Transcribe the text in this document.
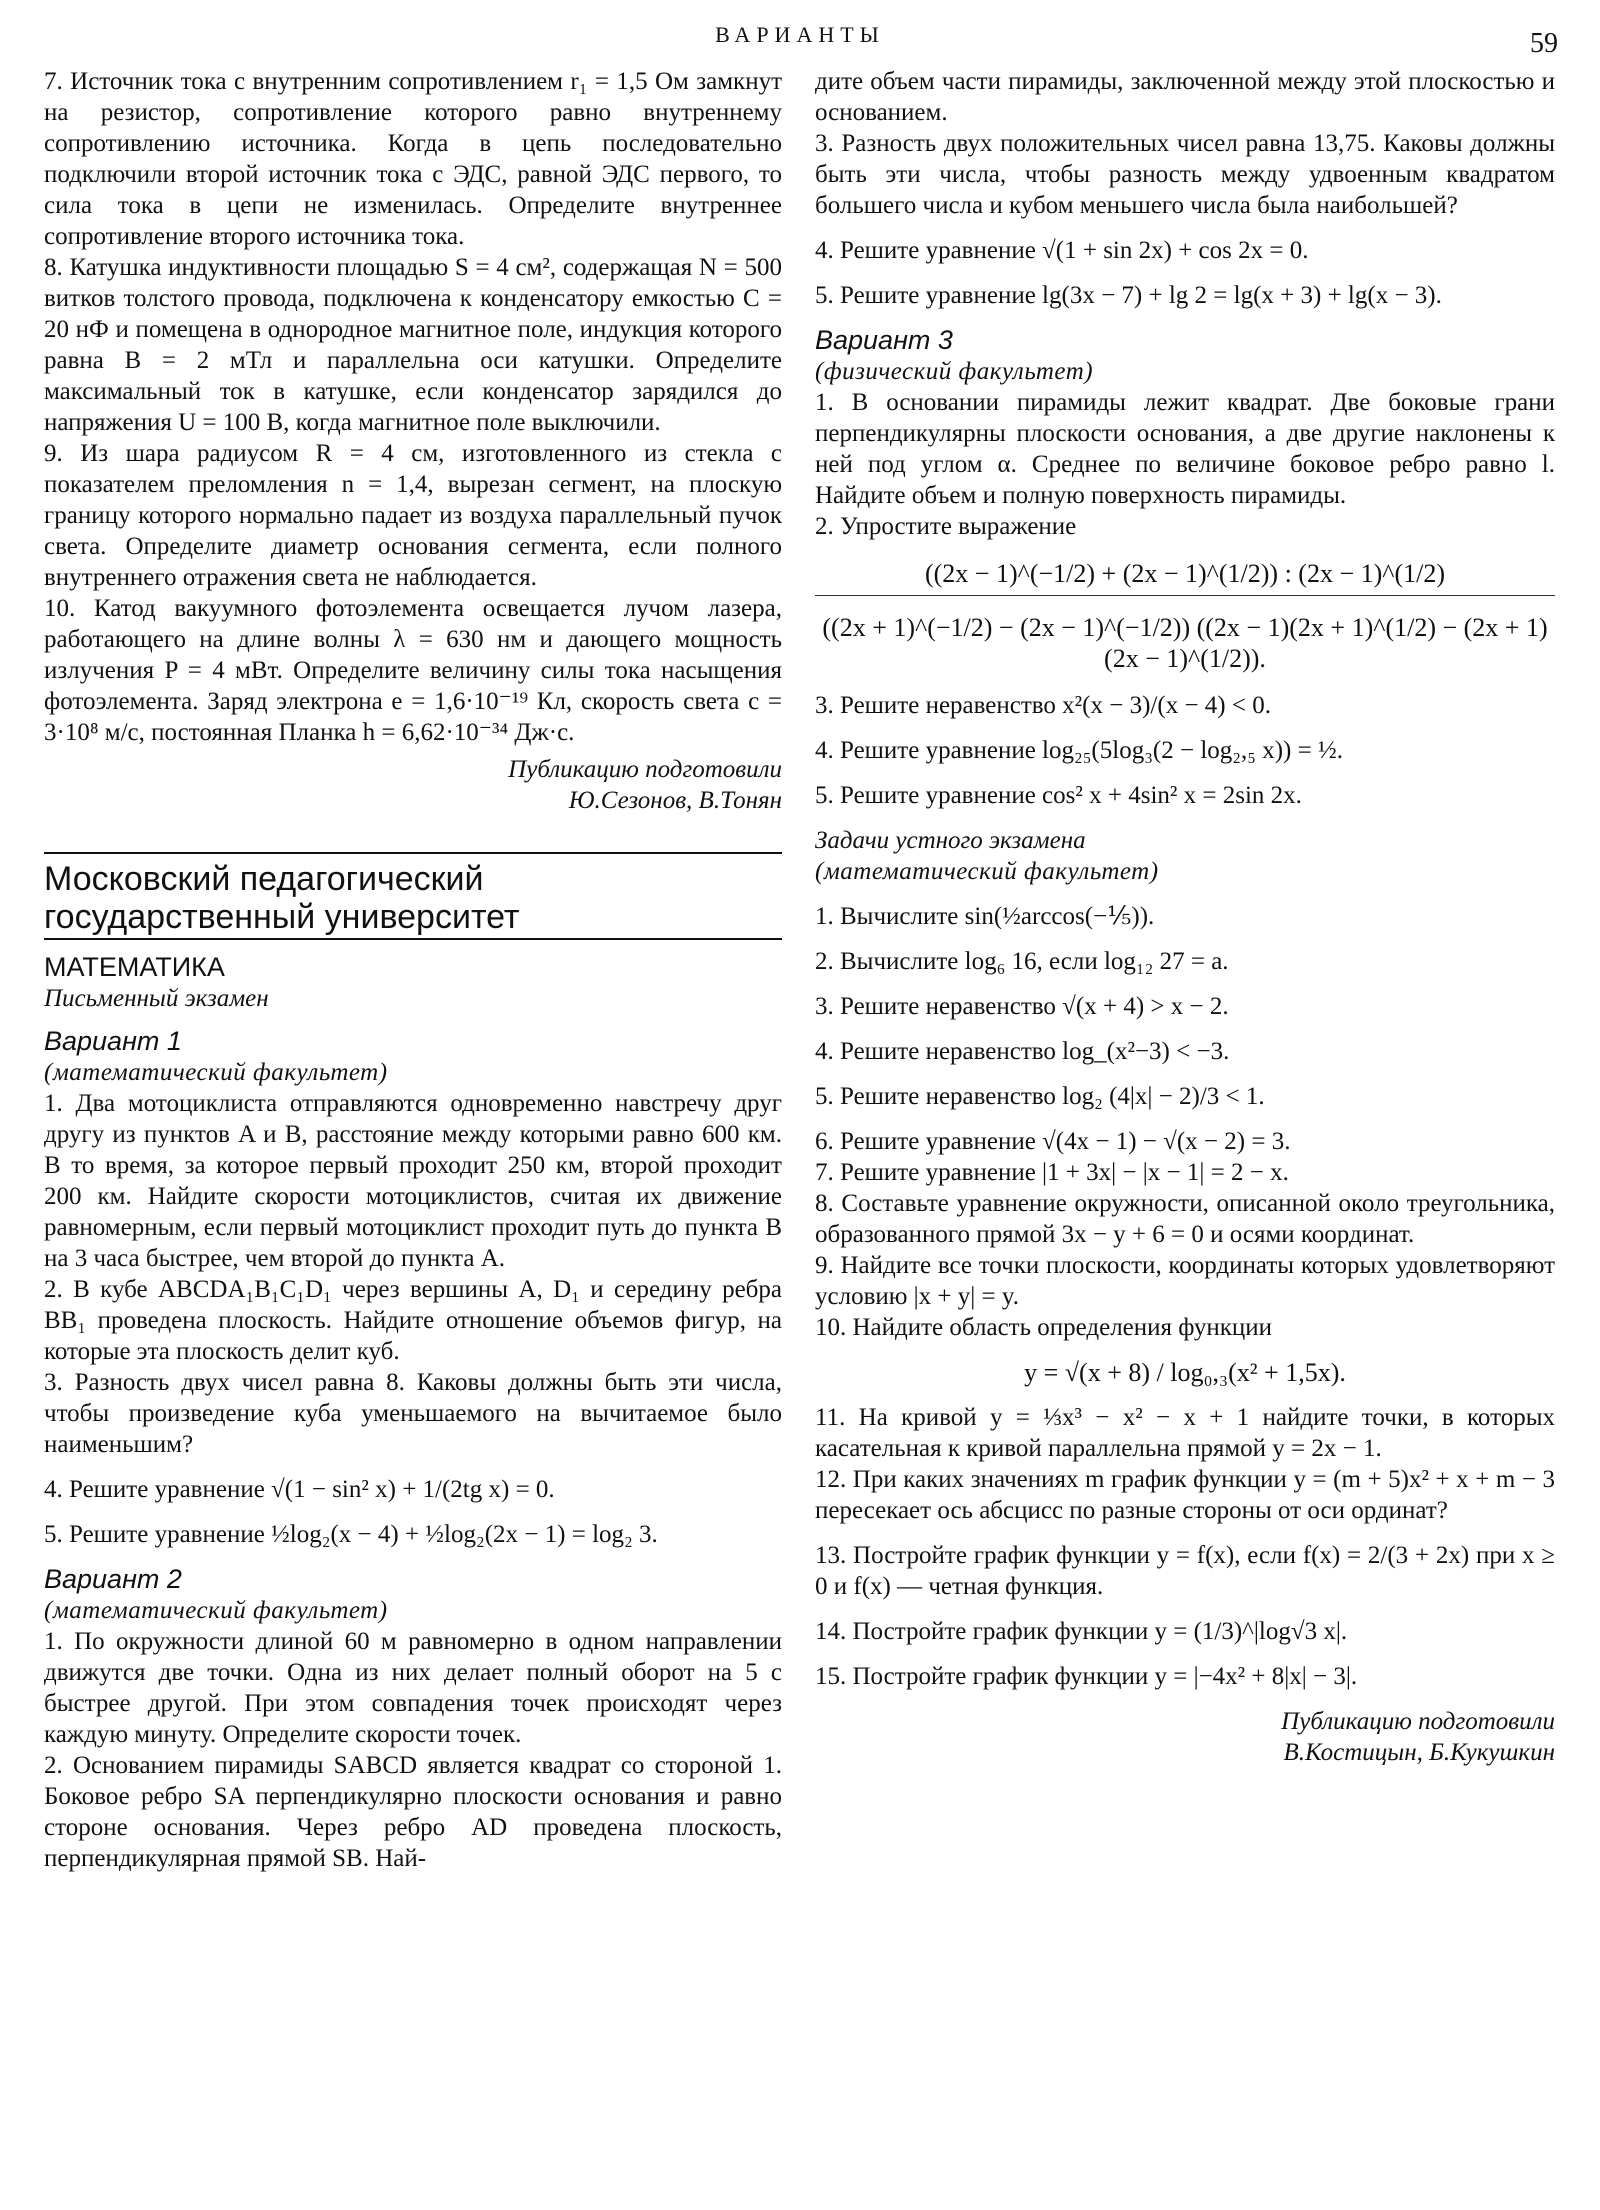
ВАРИАНТЫ	59

7. Источник тока с внутренним сопротивлением r₁ = 1,5 Ом замкнут на резистор, сопротивление которого равно внутреннему сопротивлению источника. Когда в цепь последовательно подключили второй источник тока с ЭДС, равной ЭДС первого, то сила тока в цепи не изменилась. Определите внутреннее сопротивление второго источника тока.

8. Катушка индуктивности площадью S = 4 см², содержащая N = 500 витков толстого провода, подключена к конденсатору емкостью C = 20 нФ и помещена в однородное магнитное поле, индукция которого равна B = 2 мТл и параллельна оси катушки. Определите максимальный ток в катушке, если конденсатор зарядился до напряжения U = 100 В, когда магнитное поле выключили.

9. Из шара радиусом R = 4 см, изготовленного из стекла с показателем преломления n = 1,4, вырезан сегмент, на плоскую границу которого нормально падает из воздуха параллельный пучок света. Определите диаметр основания сегмента, если полного внутреннего отражения света не наблюдается.

10. Катод вакуумного фотоэлемента освещается лучом лазера, работающего на длине волны λ = 630 нм и дающего мощность излучения P = 4 мВт. Определите величину силы тока насыщения фотоэлемента. Заряд электрона e = 1,6·10⁻¹⁹ Кл, скорость света c = 3·10⁸ м/с, постоянная Планка h = 6,62·10⁻³⁴ Дж·с.

Публикацию подготовили
Ю.Сезонов, В.Тонян
Московский педагогический
государственный университет
МАТЕМАТИКА
Письменный экзамен
Вариант 1
(математический факультет)

1. Два мотоциклиста отправляются одновременно навстречу друг другу из пунктов A и B, расстояние между которыми равно 600 км. В то время, за которое первый проходит 250 км, второй проходит 200 км. Найдите скорости мотоциклистов, считая их движение равномерным, если первый мотоциклист проходит путь до пункта B на 3 часа быстрее, чем второй до пункта A.

2. В кубе ABCDA₁B₁C₁D₁ через вершины A, D₁ и середину ребра BB₁ проведена плоскость. Найдите отношение объемов фигур, на которые эта плоскость делит куб.

3. Разность двух чисел равна 8. Каковы должны быть эти числа, чтобы произведение куба уменьшаемого на вычитаемое было наименьшим?

4. Решите уравнение √(1 − sin² x) + 1/(2tg x) = 0.

5. Решите уравнение ½log₂(x − 4) + ½log₂(2x − 1) = log₂ 3.

Вариант 2
(математический факультет)

1. По окружности длиной 60 м равномерно в одном направлении движутся две точки. Одна из них делает полный оборот на 5 с быстрее другой. При этом совпадения точек происходят через каждую минуту. Определите скорости точек.

2. Основанием пирамиды SABCD является квадрат со стороной 1. Боковое ребро SA перпендикулярно плоскости основания и равно стороне основания. Через ребро AD проведена плоскость, перпендикулярная прямой SB. Най-

дите объем части пирамиды, заключенной между этой плоскостью и основанием.

3. Разность двух положительных чисел равна 13,75. Каковы должны быть эти числа, чтобы разность между удвоенным квадратом большего числа и кубом меньшего числа была наибольшей?

4. Решите уравнение √(1 + sin 2x) + cos 2x = 0.

5. Решите уравнение lg(3x − 7) + lg 2 = lg(x + 3) + lg(x − 3).

Вариант 3
(физический факультет)

1. В основании пирамиды лежит квадрат. Две боковые грани перпендикулярны плоскости основания, а две другие наклонены к ней под углом α. Среднее по величине боковое ребро равно l. Найдите объем и полную поверхность пирамиды.

2. Упростите выражение

((2x − 1)^(−1/2) + (2x − 1)^(1/2)) : (2x − 1)^(1/2)
((2x + 1)^(−1/2) − (2x − 1)^(−1/2)) ((2x − 1)(2x + 1)^(1/2) − (2x + 1)(2x − 1)^(1/2)).

3. Решите неравенство x²(x − 3)/(x − 4) < 0.

4. Решите уравнение log₂₅(5log₃(2 − log₂,₅ x)) = ½.

5. Решите уравнение cos² x + 4sin² x = 2sin 2x.

Задачи устного экзамена
(математический факультет)

1. Вычислите sin(½arccos(−⅕)).

2. Вычислите log₆ 16, если log₁₂ 27 = a.

3. Решите неравенство √(x + 4) > x − 2.

4. Решите неравенство log_(x²−3) < −3.

5. Решите неравенство log₂ (4|x| − 2)/3 < 1.

6. Решите уравнение √(4x − 1) − √(x − 2) = 3.

7. Решите уравнение |1 + 3x| − |x − 1| = 2 − x.

8. Составьте уравнение окружности, описанной около треугольника, образованного прямой 3x − y + 6 = 0 и осями координат.

9. Найдите все точки плоскости, координаты которых удовлетворяют условию |x + y| = y.

10. Найдите область определения функции

y = √(x + 8) / log₀,₃(x² + 1,5x).

11. На кривой y = ⅓x³ − x² − x + 1 найдите точки, в которых касательная к кривой параллельна прямой y = 2x − 1.

12. При каких значениях m график функции y = (m + 5)x² + x + m − 3 пересекает ось абсцисс по разные стороны от оси ординат?

13. Постройте график функции y = f(x), если f(x) = 2/(3 + 2x) при x ≥ 0 и f(x) — четная функция.

14. Постройте график функции y = (1/3)^|log√3 x|.

15. Постройте график функции y = |−4x² + 8|x| − 3|.

Публикацию подготовили
В.Костицын, Б.Кукушкин
